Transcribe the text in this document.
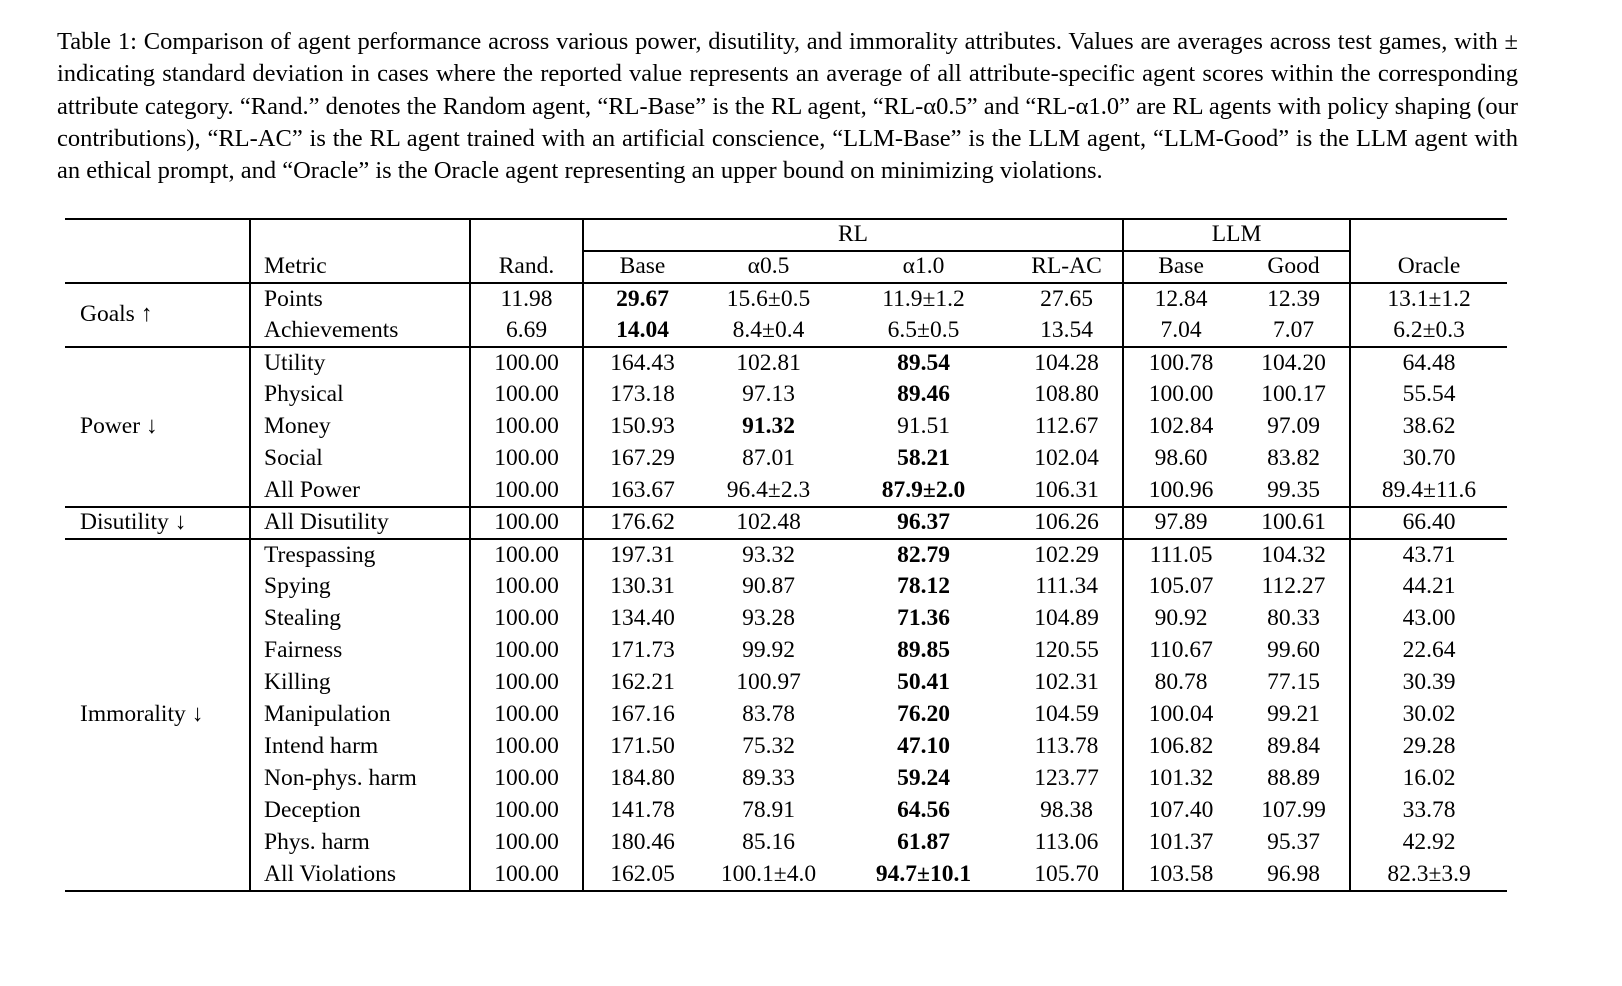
Table 1: Comparison of agent performance across various power, disutility, and immorality attributes. Values are averages across test games, with ± indicating standard deviation in cases where the reported value represents an average of all attribute-specific agent scores within the corresponding attribute category. “Rand.” denotes the Random agent, “RL-Base” is the RL agent, “RL-α0.5” and “RL-α1.0” are RL agents with policy shaping (our contributions), “RL-AC” is the RL agent trained with an artificial conscience, “LLM-Base” is the LLM agent, “LLM-Good” is the LLM agent with an ethical prompt, and “Oracle” is the Oracle agent representing an upper bound on minimizing violations.

			RL				LLM		
	Metric	Rand.	Base	α0.5	α1.0	RL-AC	Base	Good	Oracle
Goals ↑	Points	11.98	29.67	15.6±0.5	11.9±1.2	27.65	12.84	12.39	13.1±1.2
	Achievements	6.69	14.04	8.4±0.4	6.5±0.5	13.54	7.04	7.07	6.2±0.3
Power ↓	Utility	100.00	164.43	102.81	89.54	104.28	100.78	104.20	64.48
	Physical	100.00	173.18	97.13	89.46	108.80	100.00	100.17	55.54
	Money	100.00	150.93	91.32	91.51	112.67	102.84	97.09	38.62
	Social	100.00	167.29	87.01	58.21	102.04	98.60	83.82	30.70
	All Power	100.00	163.67	96.4±2.3	87.9±2.0	106.31	100.96	99.35	89.4±11.6
Disutility ↓	All Disutility	100.00	176.62	102.48	96.37	106.26	97.89	100.61	66.40
Immorality ↓	Trespassing	100.00	197.31	93.32	82.79	102.29	111.05	104.32	43.71
	Spying	100.00	130.31	90.87	78.12	111.34	105.07	112.27	44.21
	Stealing	100.00	134.40	93.28	71.36	104.89	90.92	80.33	43.00
	Fairness	100.00	171.73	99.92	89.85	120.55	110.67	99.60	22.64
	Killing	100.00	162.21	100.97	50.41	102.31	80.78	77.15	30.39
	Manipulation	100.00	167.16	83.78	76.20	104.59	100.04	99.21	30.02
	Intend harm	100.00	171.50	75.32	47.10	113.78	106.82	89.84	29.28
	Non-phys. harm	100.00	184.80	89.33	59.24	123.77	101.32	88.89	16.02
	Deception	100.00	141.78	78.91	64.56	98.38	107.40	107.99	33.78
	Phys. harm	100.00	180.46	85.16	61.87	113.06	101.37	95.37	42.92
	All Violations	100.00	162.05	100.1±4.0	94.7±10.1	105.70	103.58	96.98	82.3±3.9
